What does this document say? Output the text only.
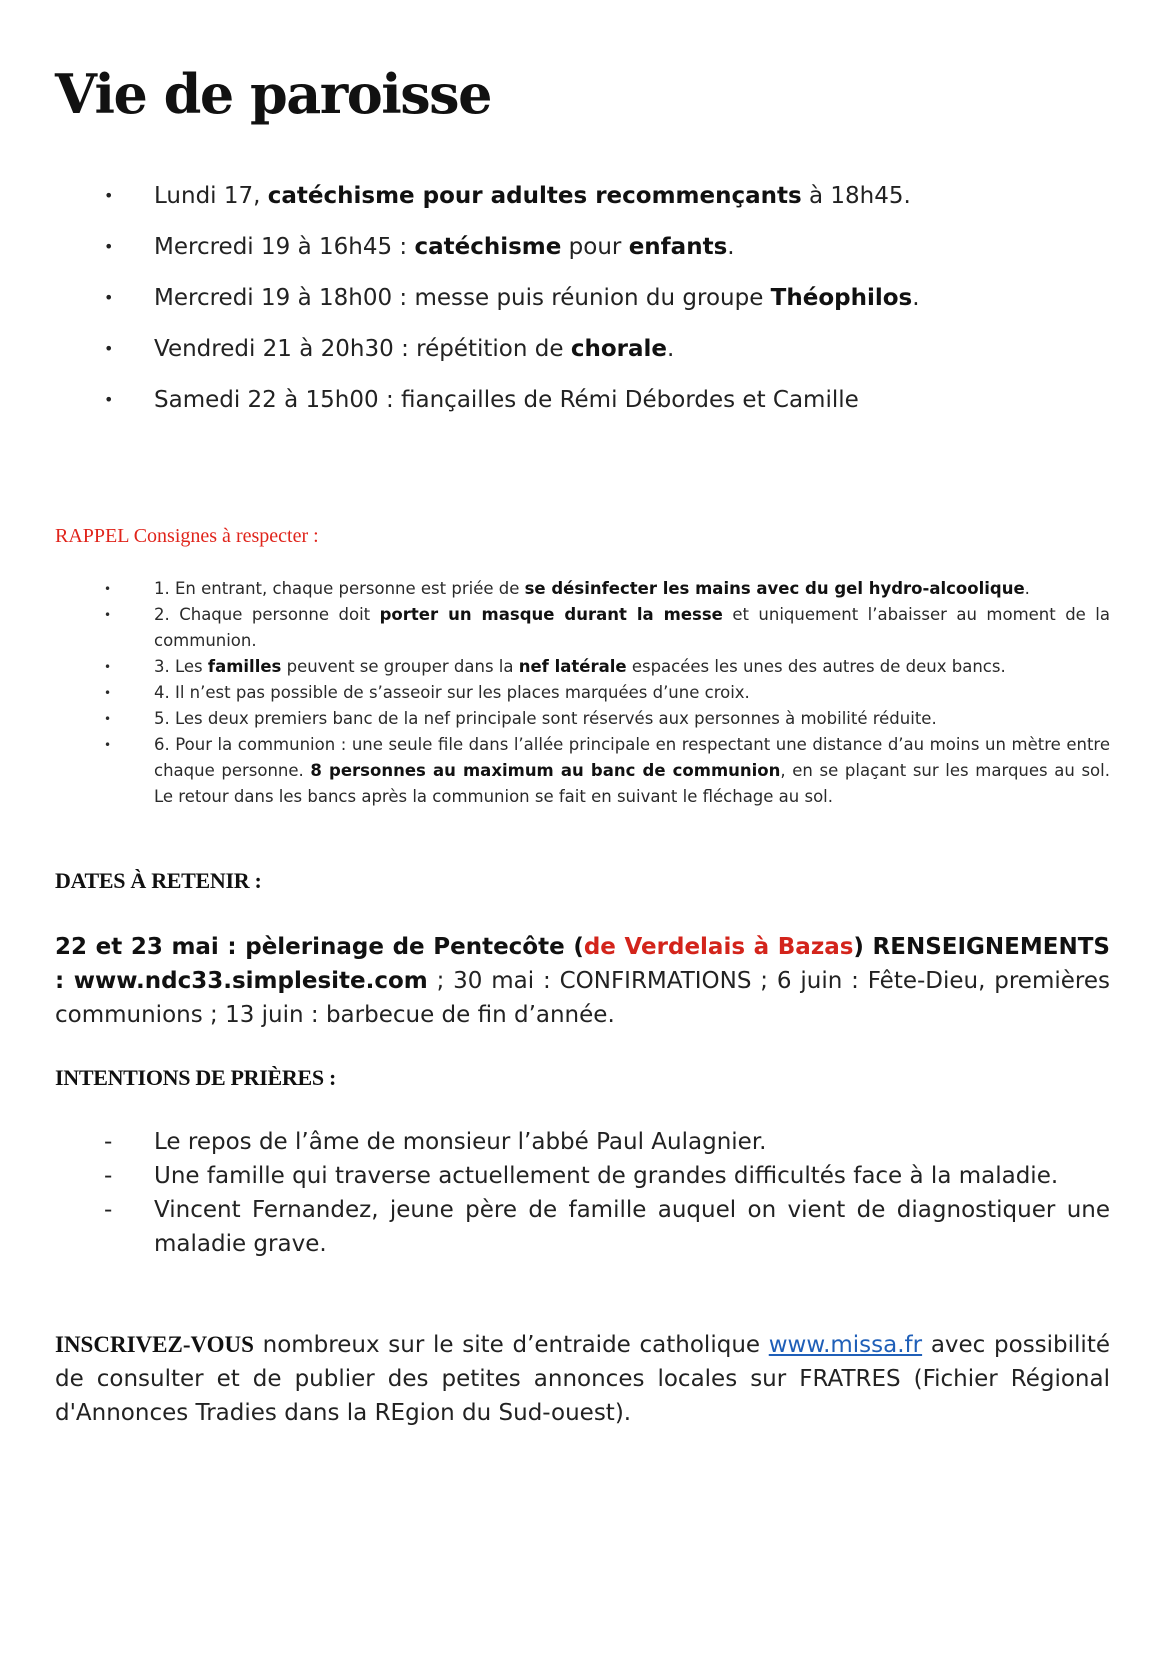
Vie de paroisse
• Lundi 17, catéchisme pour adultes recommençants à 18h45.
• Mercredi 19 à 16h45 : catéchisme pour enfants.
• Mercredi 19 à 18h00 : messe puis réunion du groupe Théophilos.
• Vendredi 21 à 20h30 : répétition de chorale.
• Samedi 22 à 15h00 : fiançailles de Rémi Débordes et Camille
RAPPEL Consignes à respecter :
•	1. En entrant, chaque personne est priée de se désinfecter les mains avec du gel hydro-alcoolique.
•	2. Chaque personne doit porter un masque durant la messe et uniquement l’abaisser au moment de la communion.
•	3. Les familles peuvent se grouper dans la nef latérale espacées les unes des autres de deux bancs.
•	4. Il n’est pas possible de s’asseoir sur les places marquées d’une croix.
•	5. Les deux premiers banc de la nef principale sont réservés aux personnes à mobilité réduite.
•	6. Pour la communion : une seule file dans l’allée principale en respectant une distance d’au moins un mètre entre chaque personne. 8 personnes au maximum au banc de communion, en se plaçant sur les marques au sol. Le retour dans les bancs après la communion se fait en suivant le fléchage au sol.
DATES À RETENIR :
22 et 23 mai : pèlerinage de Pentecôte (de Verdelais à Bazas) RENSEIGNEMENTS : www.ndc33.simplesite.com ; 30 mai : CONFIRMATIONS ; 6 juin : Fête-Dieu, premières communions ; 13 juin : barbecue de fin d’année.
INTENTIONS DE PRIÈRES :
- Le repos de l’âme de monsieur l’abbé Paul Aulagnier.
- Une famille qui traverse actuellement de grandes difficultés face à la maladie.
- Vincent Fernandez, jeune père de famille auquel on vient de diagnostiquer une maladie grave.
INSCRIVEZ-VOUS nombreux sur le site d’entraide catholique www.missa.fr avec possibilité de consulter et de publier des petites annonces locales sur FRATRES (Fichier Régional d'Annonces Tradies dans la REgion du Sud-ouest).
